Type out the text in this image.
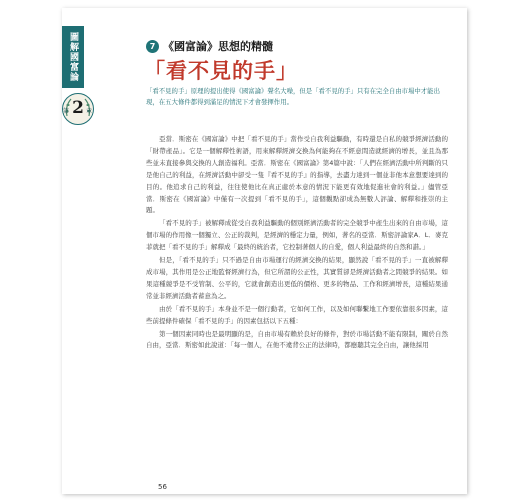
圖解國富論
第 2 章
7 《國富論》思想的精髓
「看不見的手」
「看不見的手」原理的提出使得《國富論》聲名大噪，但是「看不見的手」只有在完全自由市場中才能出現，在五大條件都得到滿足的情況下才會發揮作用。

亞當．斯密在《國富論》中把「看不見的手」當作受自我利益驅動，有時還是自私的競爭經濟活動的「財帶產品」。它是一個解釋性術語，用來解釋經濟交換為何能夠在不經意間造就經濟的增長，並且為那些並未直接參與交換的人創造福利。亞當．斯密在《國富論》第4篇中說：「人們在經濟活動中所判斷的只是他自己的利益，在經濟活動中卻受一隻『看不見的手』的指導，去盡力達到一個並非他本意想要達到的目的。他追求自己的利益，往往使他比在真正處於本意的情況下能更有效地促進社會的利益。」儘管亞當．斯密在《國富論》中僅有一次提到「看不見的手」，這個觀點卻成為無數人評論、解釋和推崇的主題。

「看不見的手」被解釋成從受自我利益驅動的個別經濟活動者的完全競爭中產生出來的自由市場，這個市場的作用像一個獨立、公正的裁判，是經濟的穩定力量，例如，著名的亞當．斯密評論家A．L．麥克菲就把「看不見的手」解釋成「最終的統治者，它控制著個人的自愛，個人利益最終的自然和諧。」

但是，「看不見的手」只不過是自由市場運行的經濟交換的結果，顯然說「看不見的手」一直被解釋成市場，其作用是公正地監督經濟行為，但它所謂的公正性，其實質卻是經濟活動者之間競爭的結果。如果這種競爭是不受管制、公平的，它就會創造出更低的價格、更多的物品、工作和經濟增長，這種結果通常並非經濟活動者蓄意為之。

由於「看不見的手」本身並不是一個行動者，它如何工作，以及如何聯繫地工作要依靠很多因素，這些前提條件確保「看不見的手」的因素包括以下五種：

第一個因素同時也是最明顯的是，自由市場有賴於良好的條件，對於市場活動不能有限制，關於自然自由，亞當．斯密如此說道：「每一個人，在他不違背公正的法律時，都應聽其完全自由，讓他採用

56
